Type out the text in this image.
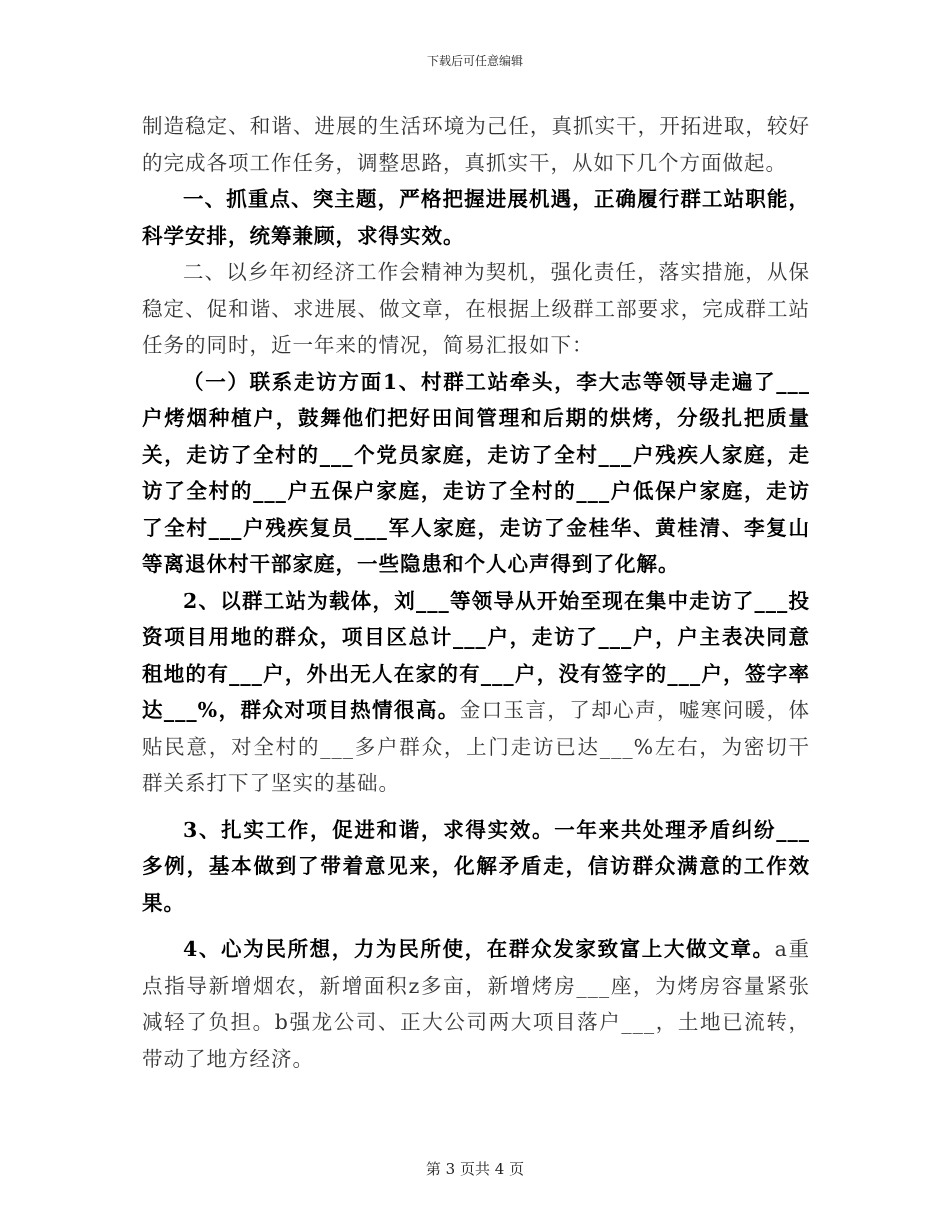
下载后可任意编辑

制造稳定、和谐、进展的生活环境为己任，真抓实干，开拓进取，较好的完成各项工作任务，调整思路，真抓实干，从如下几个方面做起。

一、抓重点、突主题，严格把握进展机遇，正确履行群工站职能，科学安排，统筹兼顾，求得实效。

二、以乡年初经济工作会精神为契机，强化责任，落实措施，从保稳定、促和谐、求进展、做文章，在根据上级群工部要求，完成群工站任务的同时，近一年来的情况，简易汇报如下：

（一）联系走访方面1、村群工站牵头，李大志等领导走遍了___户烤烟种植户，鼓舞他们把好田间管理和后期的烘烤，分级扎把质量关，走访了全村的___个党员家庭，走访了全村___户残疾人家庭，走访了全村的___户五保户家庭，走访了全村的___户低保户家庭，走访了全村___户残疾复员___军人家庭，走访了金桂华、黄桂清、李复山等离退休村干部家庭，一些隐患和个人心声得到了化解。

2、以群工站为载体，刘___等领导从开始至现在集中走访了___投资项目用地的群众，项目区总计___户，走访了___户，户主表决同意租地的有___户，外出无人在家的有___户，没有签字的___户，签字率达___%，群众对项目热情很高。金口玉言，了却心声，嘘寒问暖，体贴民意，对全村的___多户群众，上门走访已达___%左右，为密切干群关系打下了坚实的基础。

3、扎实工作，促进和谐，求得实效。一年来共处理矛盾纠纷___多例，基本做到了带着意见来，化解矛盾走，信访群众满意的工作效果。

4、心为民所想，力为民所使，在群众发家致富上大做文章。a重点指导新增烟农，新增面积z多亩，新增烤房___座，为烤房容量紧张减轻了负担。b强龙公司、正大公司两大项目落户___，土地已流转，带动了地方经济。

第 3 页共 4 页
